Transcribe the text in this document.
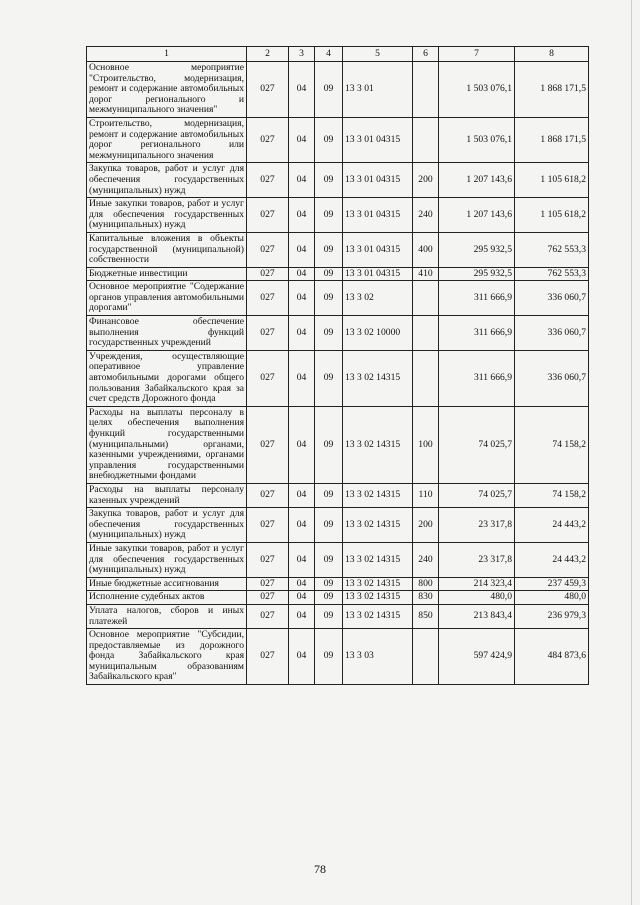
1	2	3	4	5	6	7	8
Основное мероприятие "Строительство, модернизация, ремонт и содержание автомобильных дорог регионального и межмуниципального значения"	027	04	09	13 3 01		1 503 076,1	1 868 171,5
Строительство, модернизация, ремонт и содержание автомобильных дорог регионального или межмуниципального значения	027	04	09	13 3 01 04315		1 503 076,1	1 868 171,5
Закупка товаров, работ и услуг для обеспечения государственных (муниципальных) нужд	027	04	09	13 3 01 04315	200	1 207 143,6	1 105 618,2
Иные закупки товаров, работ и услуг для обеспечения государственных (муниципальных) нужд	027	04	09	13 3 01 04315	240	1 207 143,6	1 105 618,2
Капитальные вложения в объекты государственной (муниципальной) собственности	027	04	09	13 3 01 04315	400	295 932,5	762 553,3
Бюджетные инвестиции	027	04	09	13 3 01 04315	410	295 932,5	762 553,3
Основное мероприятие "Содержание органов управления автомобильными дорогами"	027	04	09	13 3 02		311 666,9	336 060,7
Финансовое обеспечение выполнения функций государственных учреждений	027	04	09	13 3 02 10000		311 666,9	336 060,7
Учреждения, осуществляющие оперативное управление автомобильными дорогами общего пользования Забайкальского края за счет средств Дорожного фонда	027	04	09	13 3 02 14315		311 666,9	336 060,7
Расходы на выплаты персоналу в целях обеспечения выполнения функций государственными (муниципальными) органами, казенными учреждениями, органами управления государственными внебюджетными фондами	027	04	09	13 3 02 14315	100	74 025,7	74 158,2
Расходы на выплаты персоналу казенных учреждений	027	04	09	13 3 02 14315	110	74 025,7	74 158,2
Закупка товаров, работ и услуг для обеспечения государственных (муниципальных) нужд	027	04	09	13 3 02 14315	200	23 317,8	24 443,2
Иные закупки товаров, работ и услуг для обеспечения государственных (муниципальных) нужд	027	04	09	13 3 02 14315	240	23 317,8	24 443,2
Иные бюджетные ассигнования	027	04	09	13 3 02 14315	800	214 323,4	237 459,3
Исполнение судебных актов	027	04	09	13 3 02 14315	830	480,0	480,0
Уплата налогов, сборов и иных платежей	027	04	09	13 3 02 14315	850	213 843,4	236 979,3
Основное мероприятие "Субсидии, предоставляемые из дорожного фонда Забайкальского края муниципальным образованиям Забайкальского края"	027	04	09	13 3 03		597 424,9	484 873,6
78
